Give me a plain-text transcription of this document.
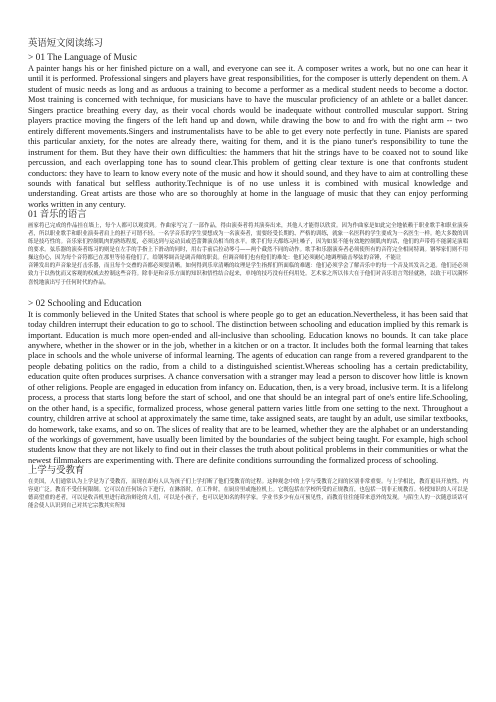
英语短文阅读练习
> 01 The Language of Music

A painter hangs his or her finished picture on a wall, and everyone can see it. A composer writes a work, but no one can hear it until it is performed. Professional singers and players have great responsibilities, for the composer is utterly dependent on them. A student of music needs as long and as arduous a training to become a performer as a medical student needs to become a doctor. Most training is concerned with technique, for musicians have to have the muscular proficiency of an athlete or a ballet dancer. Singers practice breathing every day, as their vocal chords would be inadequate without controlled muscular support. String players practice moving the fingers of the left hand up and down, while drawing the bow to and fro with the right arm -- two entirely different movements.Singers and instrumentalists have to be able to get every note perfectly in tune. Pianists are spared this particular anxiety, for the notes are already there, waiting for them, and it is the piano tuner's responsibility to tune the instrument for them. But they have their own difficulties: the hammers that hit the strings have to be coaxed not to sound like percussion, and each overlapping tone has to sound clear.This problem of getting clear texture is one that confronts student conductors: they have to learn to know every note of the music and how it should sound, and they have to aim at controlling these sounds with fanatical but selfless authority.Technique is of no use unless it is combined with musical knowledge and understanding. Great artists are those who are so thoroughly at home in the language of music that they can enjoy performing works written in any century.

01 音乐的语言

画家将已完成的作品挂在墙上，每个人都可以观赏到。作曲家写完了一部作品，得由演奏者将其演奏出来，其他人才能得以欣赏。因为作曲家是如此完全地依赖于职业歌手和职业演奏者，所以职业歌手和职业演奏者肩上的担子可谓不轻。一名学音乐的学生要想成为一名演奏者，需要经受长期的、严格的训练，就象一名医科的学生要成为一名医生一样。绝大多数的训练是技巧性的。音乐家们控制肌肉的熟练程度，必须达到与运动员或芭蕾舞演员相当的水平。歌手们每天都练习吐嗓子，因为如果不能有效地控制肌肉的话，他们的声带将不能满足演唱的要求。弦乐器的演奏者练习的则是在左手的手指上下滑动的同时，用右手前后拉动琴弓——两个截然不同的动作。歌手和乐器演奏者必须使所有的音符完全相同特调。钢琴家们则不用操这份心，因为每个音符都已在那里等待着他们了，给钢琴调音是调音师的职责。但调音师们也有他们的难处：他们必须耐心地调理敲击琴弦的音锤，不能让

音锤发出的声音象是打击乐器，而且每个交叠的音都必须要清晰。如何得到乐章清晰的纹理是学生指挥们所面临的难题：他们必须学会了解音乐中的每一个音及其发音之道。他们还必须致力于以热忱而又客观的权威去控制这些音符。除非是和音乐方面的知识和悟性结合起来，单纯的技巧没有任何用处。艺术家之所以伟大在于他们对音乐语言驾轻就熟，以致于可以满怀喜悦地演出写于任何时代的作品。

> 02 Schooling and Education

It is commonly believed in the United States that school is where people go to get an education.Nevertheless, it has been said that today children interrupt their education to go to school. The distinction between schooling and education implied by this remark is important. Education is much more open-ended and all-inclusive than schooling. Education knows no bounds. It can take place anywhere, whether in the shower or in the job, whether in a kitchen or on a tractor. It includes both the formal learning that takes place in schools and the whole universe of informal learning. The agents of education can range from a revered grandparent to the people debating politics on the radio, from a child to a distinguished scientist.Whereas schooling has a certain predictability, education quite often produces surprises. A chance conversation with a stranger may lead a person to discover how little is known of other religions. People are engaged in education from infancy on. Education, then, is a very broad, inclusive term. It is a lifelong process, a process that starts long before the start of school, and one that should be an integral part of one's entire life.Schooling, on the other hand, is a specific, formalized process, whose general pattern varies little from one setting to the next. Throughout a country, children arrive at school at approximately the same time, take assigned seats, are taught by an adult, use similar textbooks, do homework, take exams, and so on. The slices of reality that are to be learned, whether they are the alphabet or an understanding of the workings of government, have usually been limited by the boundaries of the subject being taught. For example, high school students know that they are not likely to find out in their classes the truth about political problems in their communities or what the newest filmmakers are experimenting with. There are definite conditions surrounding the formalized process of schooling.

上学与受教育

在美国，人们通常认为上学是为了受教育，而现在却有人认为孩子们上学打断了他们受教育的过程。这种观念中的上学与受教育之间的区别非常重要。与上学相比，教育更具开放性，内容更广泛。教育不受任何限制。它可以在任何场合下进行，在淋浴时，在工作时，在厨房里或拖拉机上。它既包括在学校所受的正规教育，也包括一切非正规教育。传授知识的人可以是德高望重的老者，可以是收音机里进行政治辩论的人们，可以是小孩子，也可以是知名的科学家。学业书多少有点可预见性，而教育往往能带来意外的发现。与陌生人的一次随意谈话可能会使人认识到自己对其它宗教其实所知
